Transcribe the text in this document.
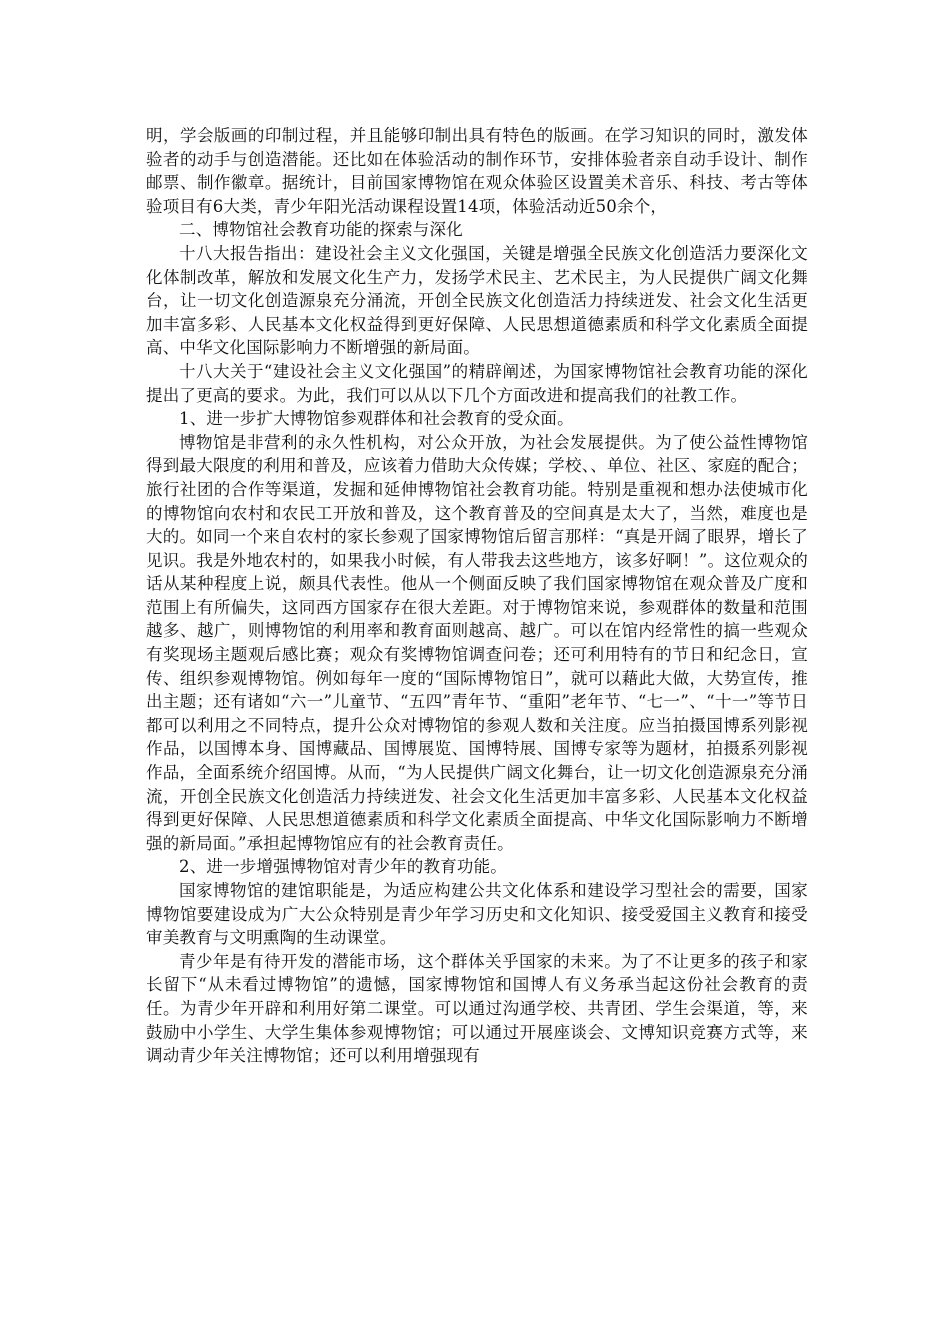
明，学会版画的印制过程，并且能够印制出具有特色的版画。在学习知识的同时，激发体验者的动手与创造潜能。还比如在体验活动的制作环节，安排体验者亲自动手设计、制作邮票、制作徽章。据统计，目前国家博物馆在观众体验区设置美术音乐、科技、考古等体验项目有6大类，青少年阳光活动课程设置14项，体验活动近50余个，

二、博物馆社会教育功能的探索与深化

十八大报告指出：建设社会主义文化强国，关键是增强全民族文化创造活力要深化文化体制改革，解放和发展文化生产力，发扬学术民主、艺术民主，为人民提供广阔文化舞台，让一切文化创造源泉充分涌流，开创全民族文化创造活力持续迸发、社会文化生活更加丰富多彩、人民基本文化权益得到更好保障、人民思想道德素质和科学文化素质全面提高、中华文化国际影响力不断增强的新局面。

十八大关于“建设社会主义文化强国”的精辟阐述，为国家博物馆社会教育功能的深化提出了更高的要求。为此，我们可以从以下几个方面改进和提高我们的社教工作。

1、进一步扩大博物馆参观群体和社会教育的受众面。

博物馆是非营利的永久性机构，对公众开放，为社会发展提供。为了使公益性博物馆得到最大限度的利用和普及，应该着力借助大众传媒；学校、、单位、社区、家庭的配合；旅行社团的合作等渠道，发掘和延伸博物馆社会教育功能。特别是重视和想办法使城市化的博物馆向农村和农民工开放和普及，这个教育普及的空间真是太大了，当然，难度也是大的。如同一个来自农村的家长参观了国家博物馆后留言那样：“真是开阔了眼界，增长了见识。我是外地农村的，如果我小时候，有人带我去这些地方，该多好啊！”。这位观众的话从某种程度上说，颇具代表性。他从一个侧面反映了我们国家博物馆在观众普及广度和范围上有所偏失，这同西方国家存在很大差距。对于博物馆来说，参观群体的数量和范围越多、越广，则博物馆的利用率和教育面则越高、越广。可以在馆内经常性的搞一些观众有奖现场主题观后感比赛；观众有奖博物馆调查问卷；还可利用特有的节日和纪念日，宣传、组织参观博物馆。例如每年一度的“国际博物馆日”，就可以藉此大做，大势宣传，推出主题；还有诸如“六一”儿童节、“五四”青年节、“重阳”老年节、“七一”、“十一”等节日都可以利用之不同特点，提升公众对博物馆的参观人数和关注度。应当拍摄国博系列影视作品，以国博本身、国博藏品、国博展览、国博特展、国博专家等为题材，拍摄系列影视作品，全面系统介绍国博。从而，“为人民提供广阔文化舞台，让一切文化创造源泉充分涌流，开创全民族文化创造活力持续迸发、社会文化生活更加丰富多彩、人民基本文化权益得到更好保障、人民思想道德素质和科学文化素质全面提高、中华文化国际影响力不断增强的新局面。”承担起博物馆应有的社会教育责任。

2、进一步增强博物馆对青少年的教育功能。

国家博物馆的建馆职能是，为适应构建公共文化体系和建设学习型社会的需要，国家博物馆要建设成为广大公众特别是青少年学习历史和文化知识、接受爱国主义教育和接受审美教育与文明熏陶的生动课堂。

青少年是有待开发的潜能市场，这个群体关乎国家的未来。为了不让更多的孩子和家长留下“从未看过博物馆”的遗憾，国家博物馆和国博人有义务承当起这份社会教育的责任。为青少年开辟和利用好第二课堂。可以通过沟通学校、共青团、学生会渠道，等，来鼓励中小学生、大学生集体参观博物馆；可以通过开展座谈会、文博知识竞赛方式等，来调动青少年关注博物馆；还可以利用增强现有
